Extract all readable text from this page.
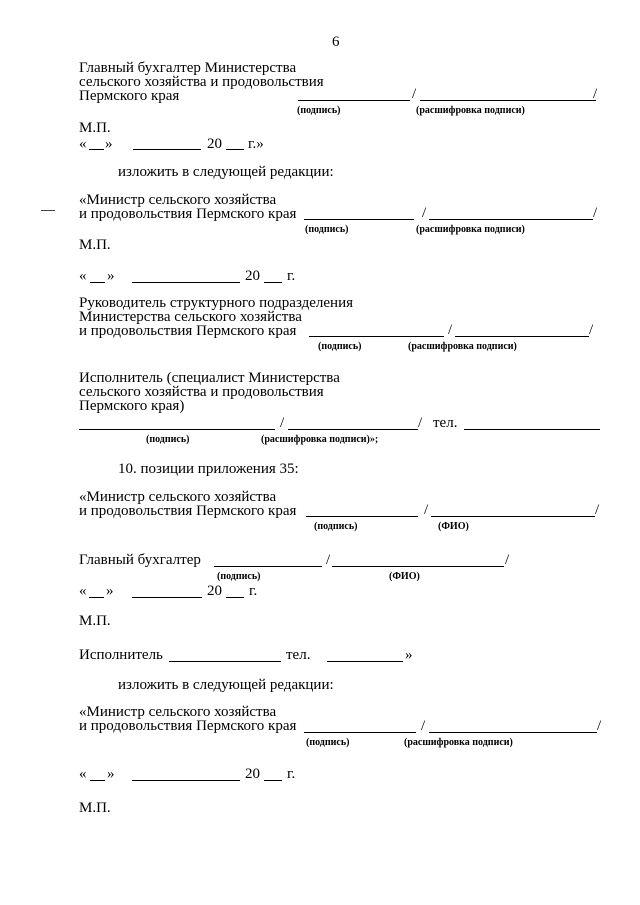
6
Главный бухгалтер Министерства
сельского хозяйства и продовольствия
Пермского края	/	/
(подпись)	(расшифровка подписи)
М.П.
« »	20 г.»
изложить в следующей редакции:
«Министр сельского хозяйства
и продовольствия Пермского края	/	/
(подпись)	(расшифровка подписи)
М.П.
« »	20 г.
Руководитель структурного подразделения
Министерства сельского хозяйства
и продовольствия Пермского края	/	/
(подпись)	(расшифровка подписи)
Исполнитель (специалист Министерства
сельского хозяйства и продовольствия
Пермского края)
/	/ тел.
(подпись)	(расшифровка подписи)»;
10. позиции приложения 35:
«Министр сельского хозяйства
и продовольствия Пермского края	/	/
(подпись)	(ФИО)
Главный бухгалтер	/	/
(подпись)	(ФИО)
« »	20 г.
М.П.
Исполнитель	тел.	»
изложить в следующей редакции:
«Министр сельского хозяйства
и продовольствия Пермского края	/	/
(подпись)	(расшифровка подписи)
« »	20 г.
М.П.
